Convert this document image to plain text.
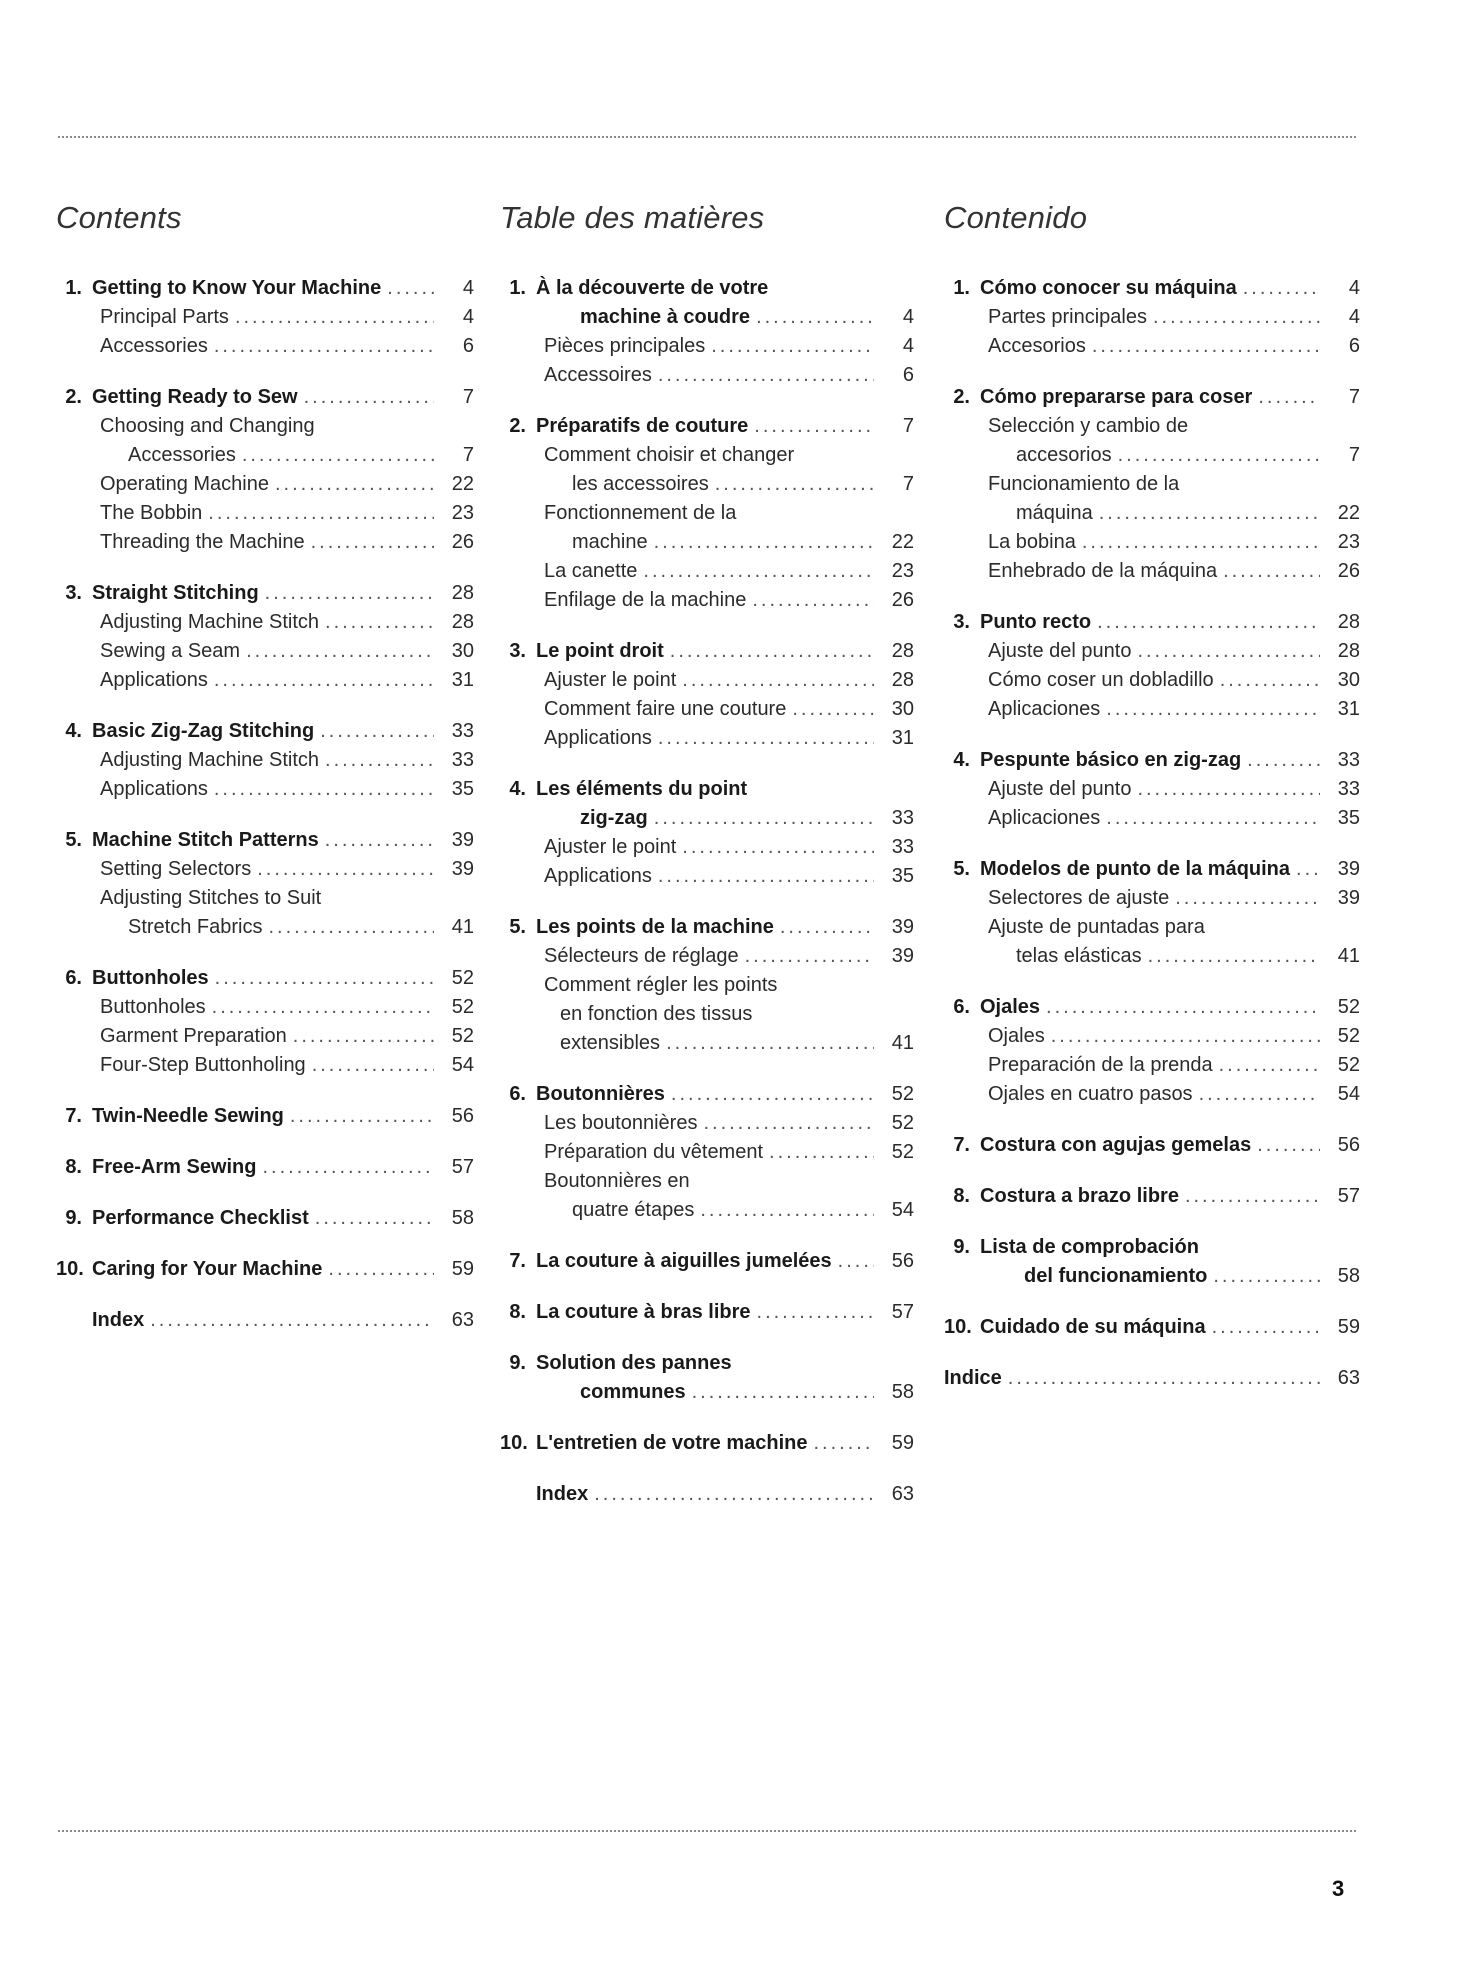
Contents
1. Getting to Know Your Machine .....	4
Principal Parts .....	4
Accessories .....	6
2. Getting Ready to Sew .....	7
Choosing and Changing
Accessories .....	7
Operating Machine .....	22
The Bobbin .....	23
Threading the Machine .....	26
3. Straight Stitching .....	28
Adjusting Machine Stitch .....	28
Sewing a Seam .....	30
Applications .....	31
4. Basic Zig-Zag Stitching .....	33
Adjusting Machine Stitch .....	33
Applications .....	35
5. Machine Stitch Patterns .....	39
Setting Selectors .....	39
Adjusting Stitches to Suit
Stretch Fabrics .....	41
6. Buttonholes .....	52
Buttonholes .....	52
Garment Preparation .....	52
Four-Step Buttonholing .....	54
7. Twin-Needle Sewing .....	56
8. Free-Arm Sewing .....	57
9. Performance Checklist .....	58
10. Caring for Your Machine .....	59
Index .....	63
Table des matières
1. À la découverte de votre
machine à coudre .....	4
Pièces principales .....	4
Accessoires .....	6
2. Préparatifs de couture .....	7
Comment choisir et changer
les accessoires .....	7
Fonctionnement de la
machine .....	22
La canette .....	23
Enfilage de la machine .....	26
3. Le point droit .....	28
Ajuster le point .....	28
Comment faire une couture .....	30
Applications .....	31
4. Les éléments du point
zig-zag .....	33
Ajuster le point .....	33
Applications .....	35
5. Les points de la machine .....	39
Sélecteurs de réglage .....	39
Comment régler les points
en fonction des tissus
extensibles .....	41
6. Boutonnières .....	52
Les boutonnières .....	52
Préparation du vêtement .....	52
Boutonnières en
quatre étapes .....	54
7. La couture à aiguilles jumelées .....	56
8. La couture à bras libre .....	57
9. Solution des pannes
communes .....	58
10. L'entretien de votre machine .....	59
Index .....	63
Contenido
1. Cómo conocer su máquina .....	4
Partes principales .....	4
Accesorios .....	6
2. Cómo prepararse para coser .....	7
Selección y cambio de
accesorios .....	7
Funcionamiento de la
máquina .....	22
La bobina .....	23
Enhebrado de la máquina .....	26
3. Punto recto .....	28
Ajuste del punto .....	28
Cómo coser un dobladillo .....	30
Aplicaciones .....	31
4. Pespunte básico en zig-zag .....	33
Ajuste del punto .....	33
Aplicaciones .....	35
5. Modelos de punto de la máquina .....	39
Selectores de ajuste .....	39
Ajuste de puntadas para
telas elásticas .....	41
6. Ojales .....	52
Ojales .....	52
Preparación de la prenda .....	52
Ojales en cuatro pasos .....	54
7. Costura con agujas gemelas .....	56
8. Costura a brazo libre .....	57
9. Lista de comprobación
del funcionamiento .....	58
10. Cuidado de su máquina .....	59
Indice .....	63
3
